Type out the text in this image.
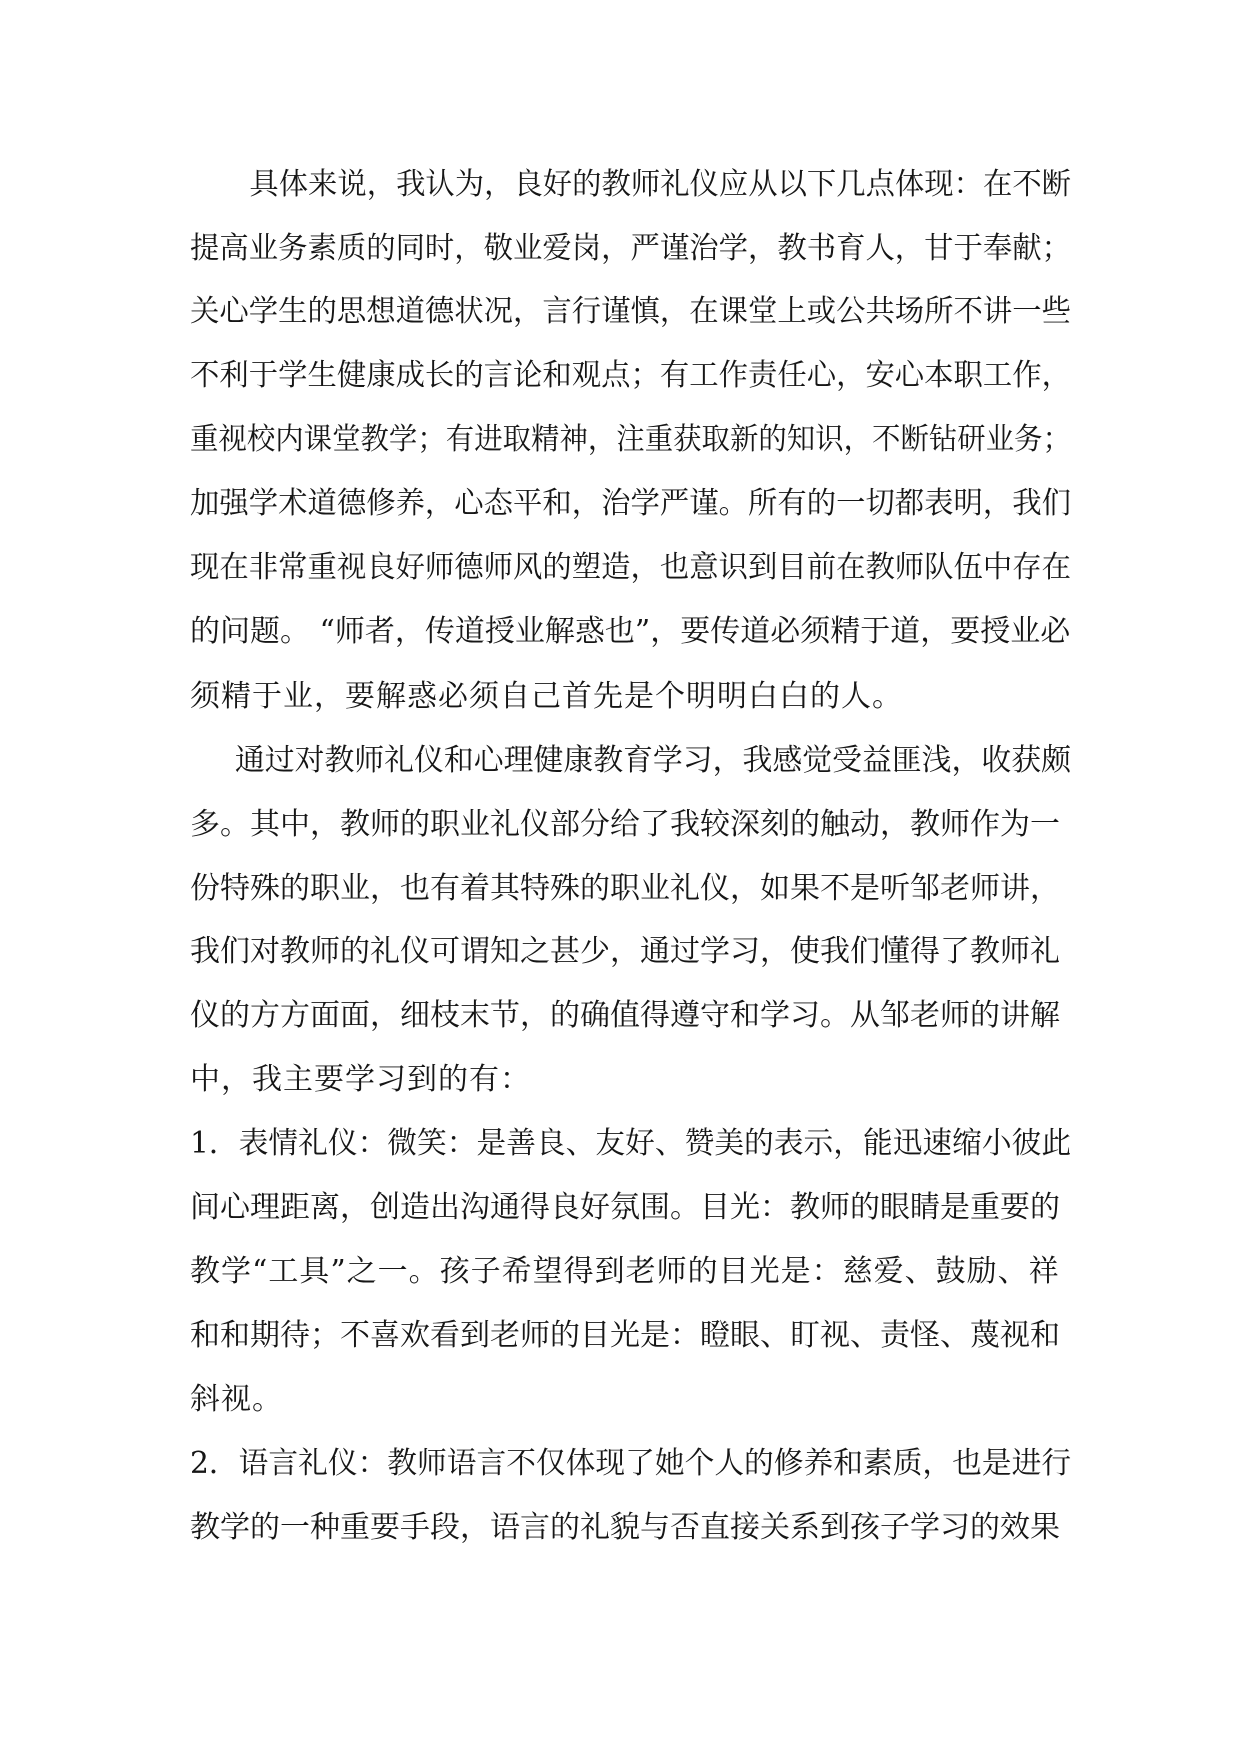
　具体来说，我认为，良好的教师礼仪应从以下几点体现：在不断
提高业务素质的同时，敬业爱岗，严谨治学，教书育人，甘于奉献；
关心学生的思想道德状况，言行谨慎，在课堂上或公共场所不讲一些
不利于学生健康成长的言论和观点；有工作责任心，安心本职工作，
重视校内课堂教学；有进取精神，注重获取新的知识，不断钻研业务；
加强学术道德修养，心态平和，治学严谨。所有的一切都表明，我们
现在非常重视良好师德师风的塑造，也意识到目前在教师队伍中存在
的问题。 “师者，传道授业解惑也”，要传道必须精于道，要授业必
须精于业，要解惑必须自己首先是个明明白白的人。
　通过对教师礼仪和心理健康教育学习，我感觉受益匪浅，收获颇
多。其中，教师的职业礼仪部分给了我较深刻的触动，教师作为一
份特殊的职业，也有着其特殊的职业礼仪，如果不是听邹老师讲，
我们对教师的礼仪可谓知之甚少，通过学习，使我们懂得了教师礼
仪的方方面面，细枝末节，的确值得遵守和学习。从邹老师的讲解
中，我主要学习到的有：
1．表情礼仪：微笑：是善良、友好、赞美的表示，能迅速缩小彼此
间心理距离，创造出沟通得良好氛围。目光：教师的眼睛是重要的
教学“工具”之一。孩子希望得到老师的目光是：慈爱、鼓励、祥
和和期待；不喜欢看到老师的目光是：瞪眼、盯视、责怪、蔑视和
斜视。
2．语言礼仪：教师语言不仅体现了她个人的修养和素质，也是进行
教学的一种重要手段，语言的礼貌与否直接关系到孩子学习的效果
